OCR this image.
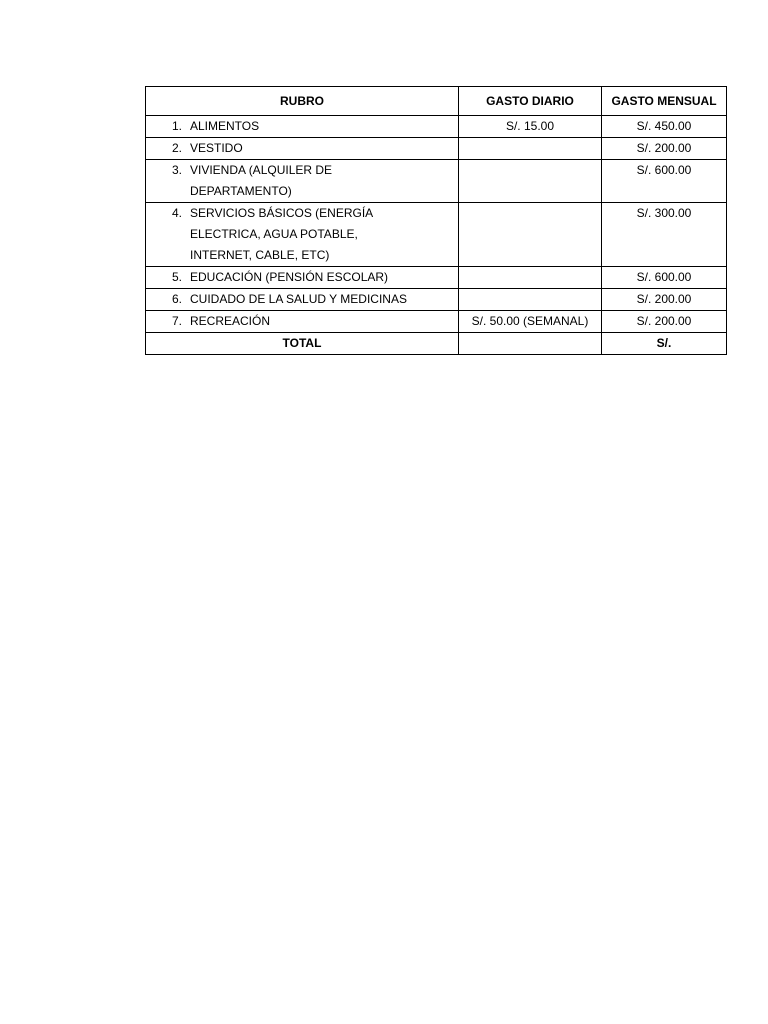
RUBRO	GASTO DIARIO	GASTO MENSUAL

1. ALIMENTOS	S/. 15.00	S/. 450.00

2. VESTIDO		S/. 200.00

3. VIVIENDA (ALQUILER DE DEPARTAMENTO)		S/. 600.00

4. SERVICIOS BÁSICOS (ENERGÍA ELECTRICA, AGUA POTABLE, INTERNET, CABLE, ETC)		S/. 300.00

5. EDUCACIÓN (PENSIÓN ESCOLAR)		S/. 600.00

6. CUIDADO DE LA SALUD Y MEDICINAS		S/. 200.00

7. RECREACIÓN	S/. 50.00 (SEMANAL)	S/. 200.00
TOTAL		S/.
